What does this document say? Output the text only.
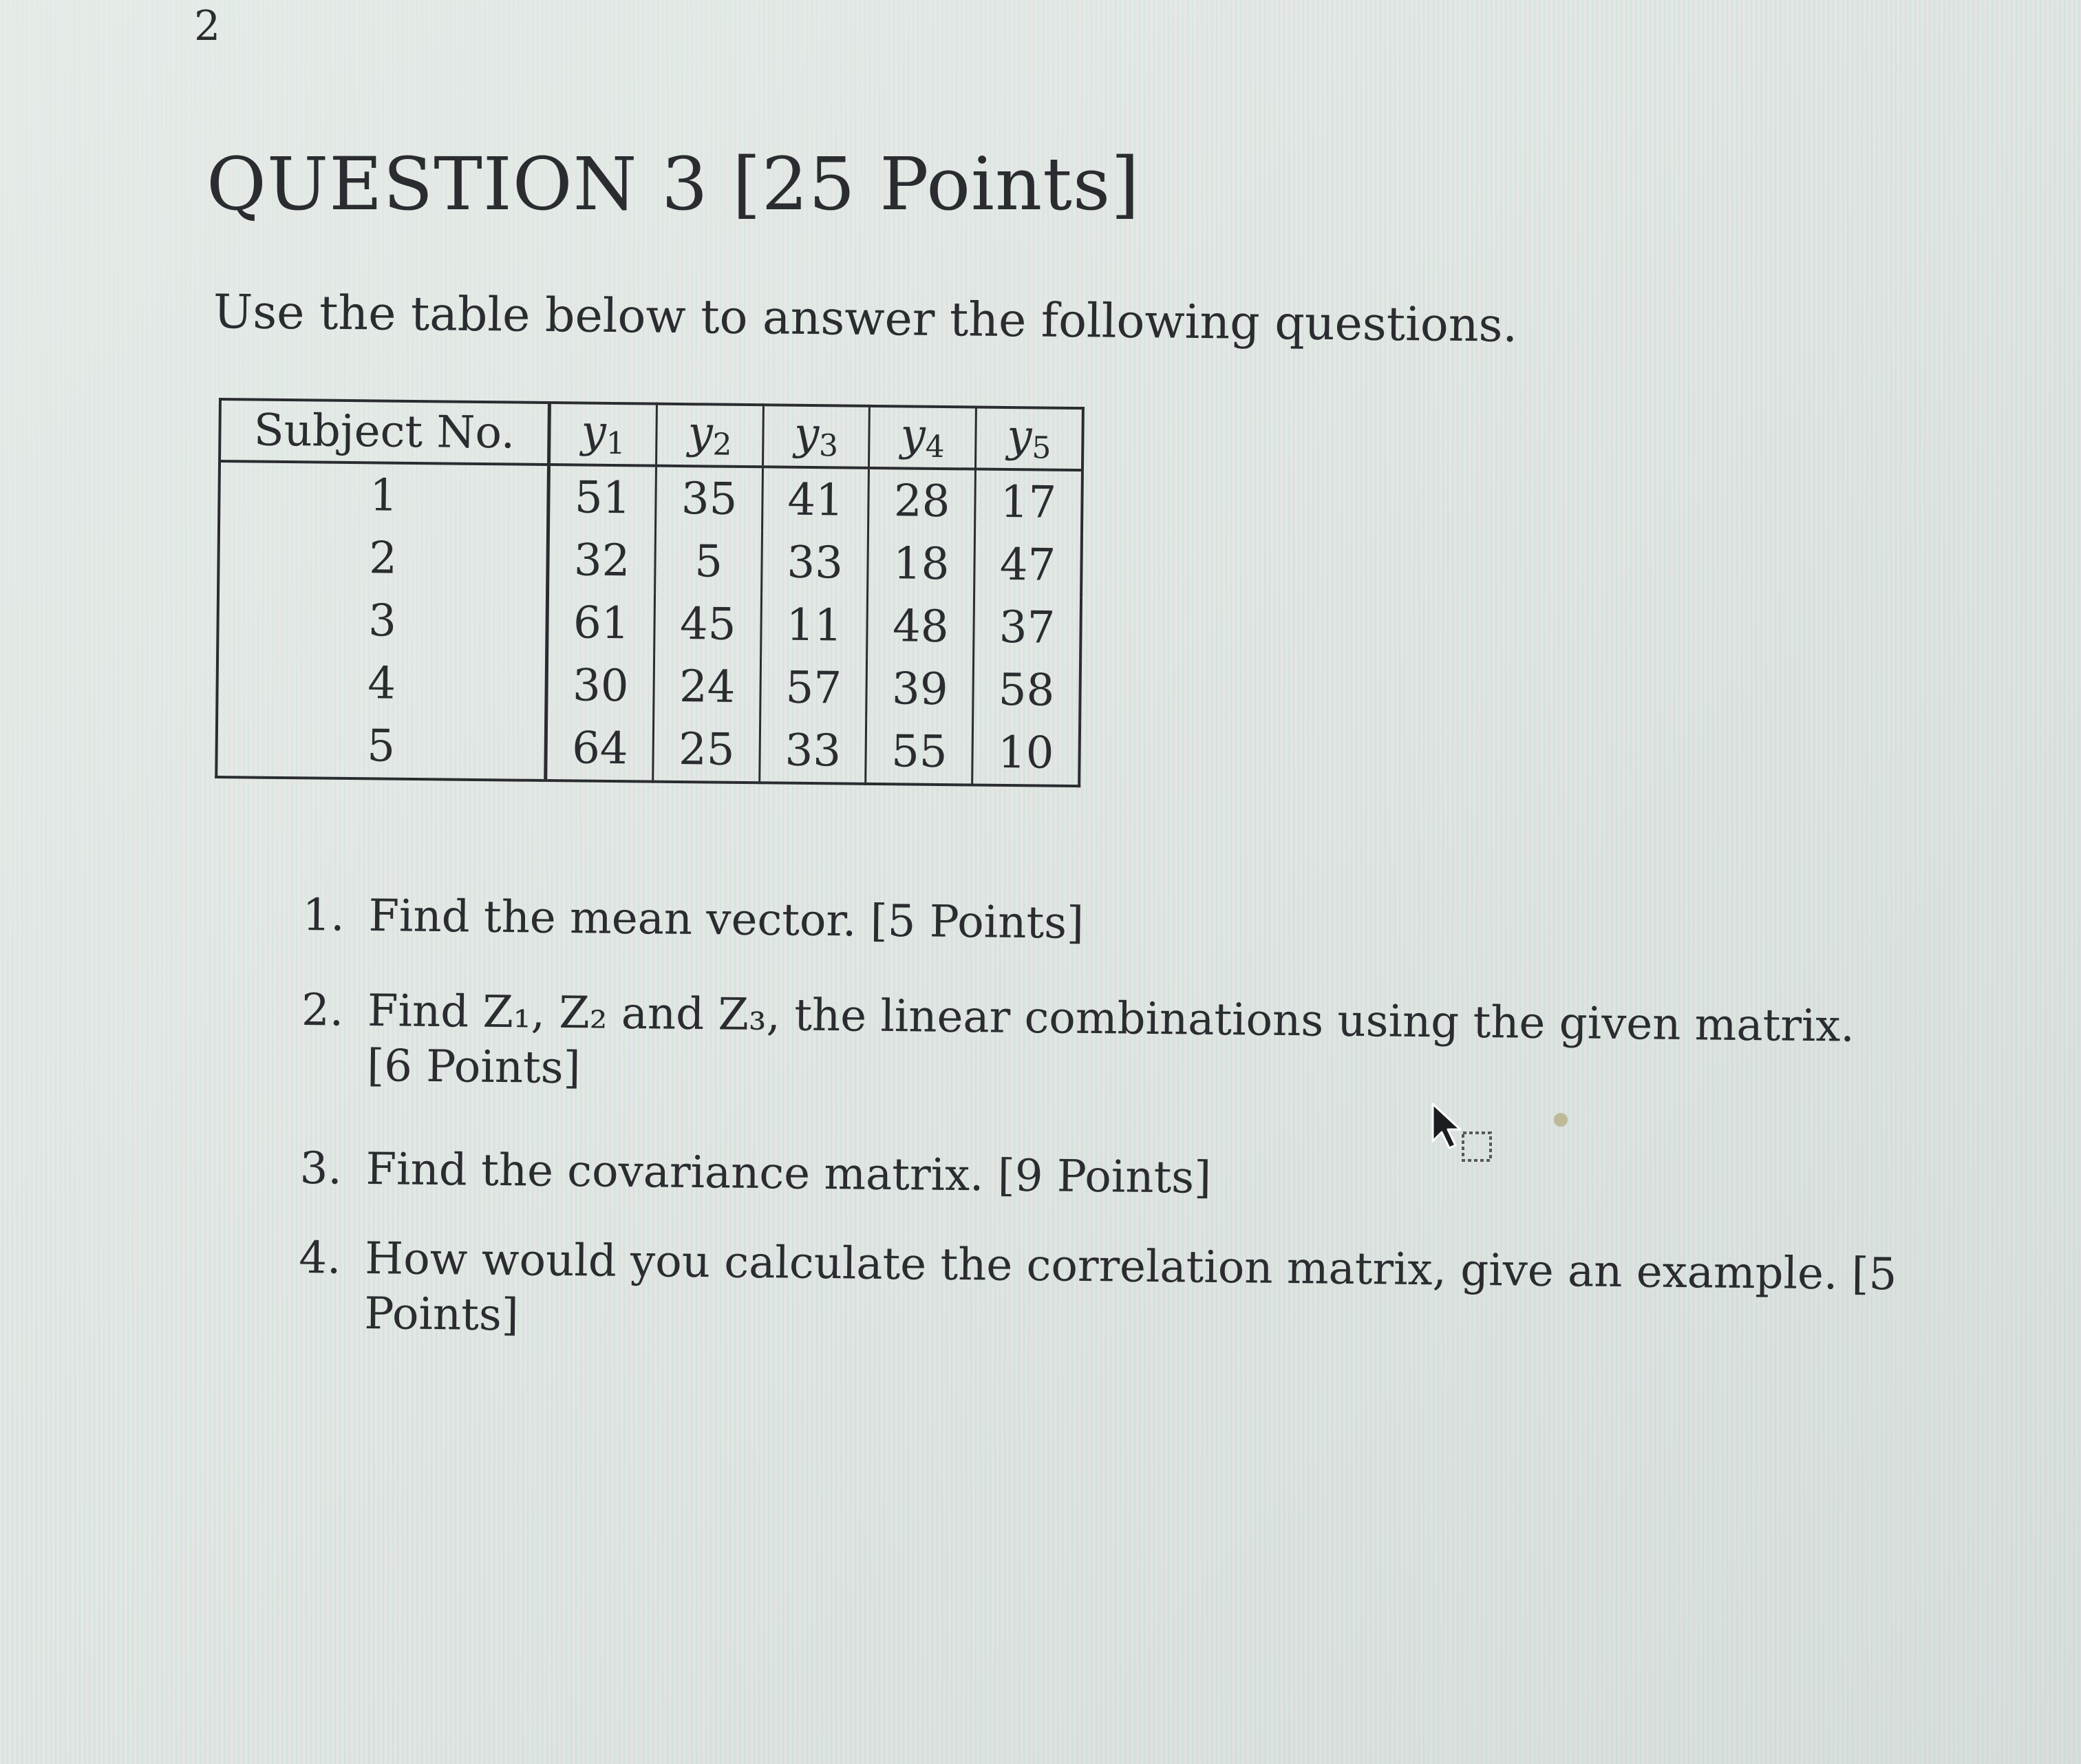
2
QUESTION 3 [25 Points]
Use the table below to answer the following questions.
Subject No.	y1	y2	y3	y4	y5
1	51	35	41	28	17
2	32	5	33	18	47
3	61	45	11	48	37
4	30	24	57	39	58
5	64	25	33	55	10
1. Find the mean vector. [5 Points]
2. Find Z₁, Z₂ and Z₃, the linear combinations using the given matrix. [6 Points]
3. Find the covariance matrix. [9 Points]
4. How would you calculate the correlation matrix, give an example. [5 Points]
